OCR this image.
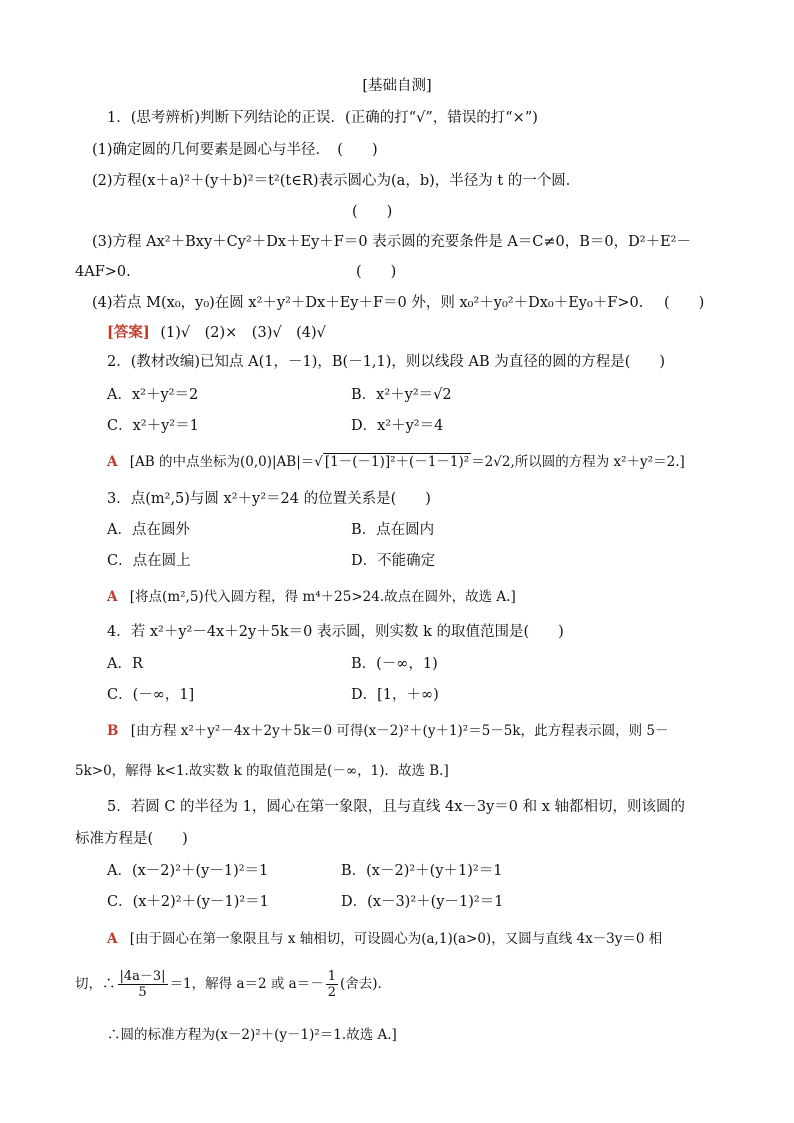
[基础自测]
1．(思考辨析)判断下列结论的正误．(正确的打“√”，错误的打“×”)
(1)确定圆的几何要素是圆心与半径．　(　　)
(2)方程(x＋a)²＋(y＋b)²＝t²(t∈R)表示圆心为(a，b)，半径为 t 的一个圆．
(　　)
(3)方程 Ax²＋Bxy＋Cy²＋Dx＋Ey＋F＝0 表示圆的充要条件是 A＝C≠0，B＝0，D²＋E²－
4AF>0.	(　　)
(4)若点 M(x₀，y₀)在圆 x²＋y²＋Dx＋Ey＋F＝0 外，则 x₀²＋y₀²＋Dx₀＋Ey₀＋F>0. (　　)
[答案] (1)√　(2)×　(3)√　(4)√
2．(教材改编)已知点 A(1，－1)，B(－1,1)，则以线段 AB 为直径的圆的方程是(　　)
A．x²＋y²＝2	B．x²＋y²＝√2
C．x²＋y²＝1	D．x²＋y²＝4
A [AB 的中点坐标为(0,0)|AB|＝√ [1－(－1)]²＋(－1－1)² ＝2√2,所以圆的方程为 x²＋y²＝2.]
3．点(m²,5)与圆 x²＋y²＝24 的位置关系是(　　)
A．点在圆外	B．点在圆内
C．点在圆上	D．不能确定
A [将点(m²,5)代入圆方程，得 m⁴＋25>24.故点在圆外，故选 A.]
4．若 x²＋y²－4x＋2y＋5k＝0 表示圆，则实数 k 的取值范围是(　　)
A．R	B．(－∞，1)
C．(－∞，1]	D．[1，＋∞)
B [由方程 x²＋y²－4x＋2y＋5k＝0 可得(x－2)²＋(y＋1)²＝5－5k，此方程表示圆，则 5－
5k>0，解得 k<1.故实数 k 的取值范围是(－∞，1)．故选 B.]
5．若圆 C 的半径为 1，圆心在第一象限，且与直线 4x－3y＝0 和 x 轴都相切，则该圆的
标准方程是(　　)
A．(x－2)²＋(y－1)²＝1	B．(x－2)²＋(y＋1)²＝1
C．(x＋2)²＋(y－1)²＝1	D．(x－3)²＋(y－1)²＝1
A [由于圆心在第一象限且与 x 轴相切，可设圆心为(a,1)(a>0)，又圆与直线 4x－3y＝0 相
切，∴ $\frac{|4a-3|}{5} =1$，解得 a＝2 或 $a=- \frac{1}{2}$ (舍去)．
∴圆的标准方程为(x－2)²＋(y－1)²＝1.故选 A.]
